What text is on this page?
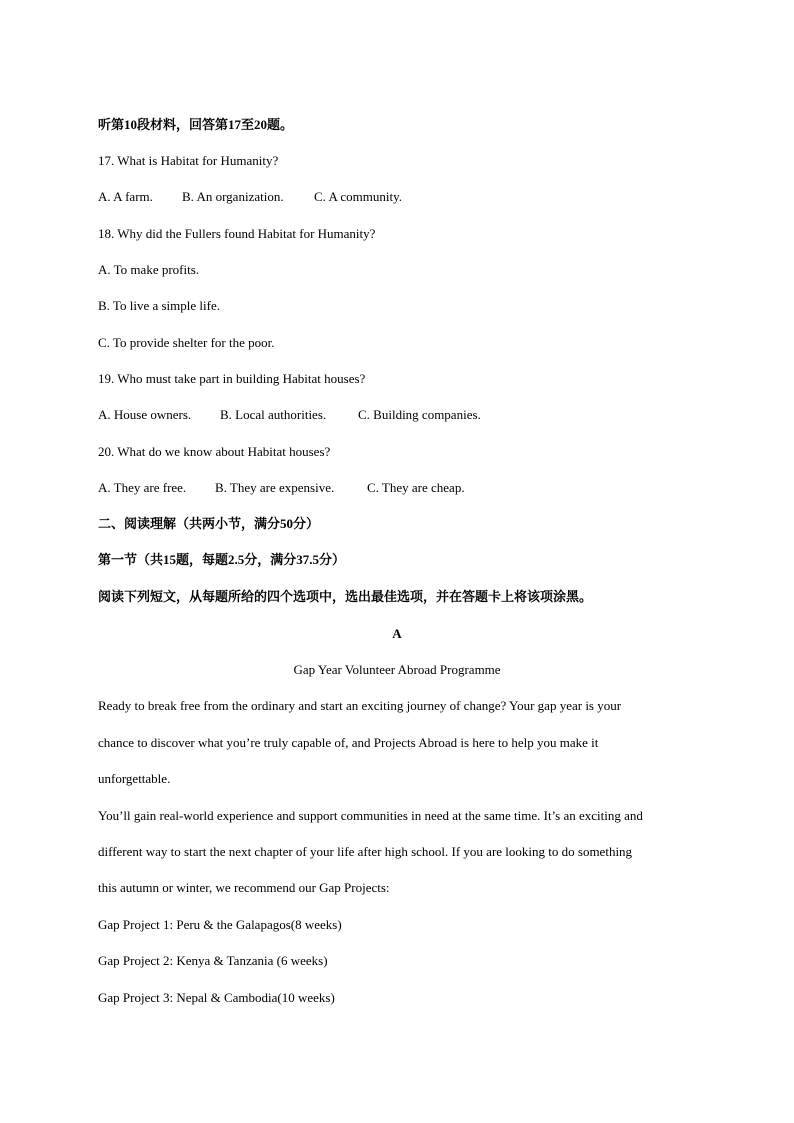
听第10段材料，回答第17至20题。
17. What is Habitat for Humanity?
A. A farm. B. An organization. C. A community.
18. Why did the Fullers found Habitat for Humanity?
A. To make profits.
B. To live a simple life.
C. To provide shelter for the poor.
19. Who must take part in building Habitat houses?
A. House owners. B. Local authorities. C. Building companies.
20. What do we know about Habitat houses?
A. They are free. B. They are expensive.	C. They are cheap.
二、阅读理解（共两小节，满分50分）
第一节（共15题，每题2.5分，满分37.5分）
阅读下列短文，从每题所给的四个选项中，选出最佳选项，并在答题卡上将该项涂黑。
A
Gap Year Volunteer Abroad Programme
Ready to break free from the ordinary and start an exciting journey of change? Your gap year is your
chance to discover what you’re truly capable of, and Projects Abroad is here to help you make it
unforgettable.
You’ll gain real-world experience and support communities in need at the same time. It’s an exciting and
different way to start the next chapter of your life after high school. If you are looking to do something
this autumn or winter, we recommend our Gap Projects:
Gap Project 1: Peru & the Galapagos(8 weeks)
Gap Project 2: Kenya & Tanzania (6 weeks)
Gap Project 3: Nepal & Cambodia(10 weeks)
